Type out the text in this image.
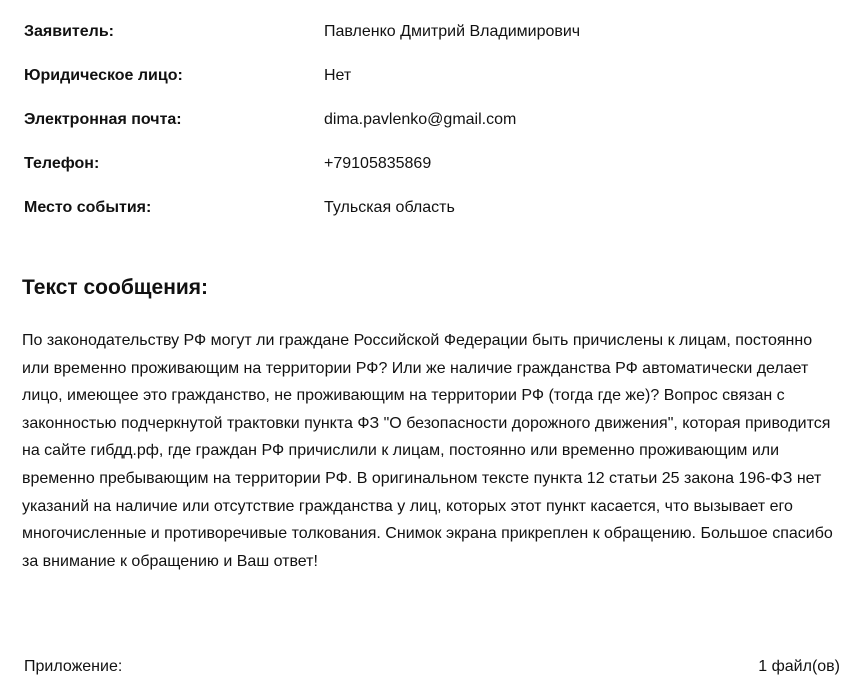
Заявитель:	Павленко Дмитрий Владимирович
Юридическое лицо:	Нет
Электронная почта:	dima.pavlenko@gmail.com
Телефон:	+79105835869
Место события:	Тульская область
Текст сообщения:

По законодательству РФ могут ли граждане Российской Федерации быть причислены к лицам, постоянно или временно проживающим на территории РФ? Или же наличие гражданства РФ автоматически делает лицо, имеющее это гражданство, не проживающим на территории РФ (тогда где же)? Вопрос связан с законностью подчеркнутой трактовки пункта ФЗ "О безопасности дорожного движения", которая приводится на сайте гибдд.рф, где граждан РФ причислили к лицам, постоянно или временно проживающим или временно пребывающим на территории РФ. В оригинальном тексте пункта 12 статьи 25 закона 196-ФЗ нет указаний на наличие или отсутствие гражданства у лиц, которых этот пункт касается, что вызывает его многочисленные и противоречивые толкования. Снимок экрана прикреплен к обращению. Большое спасибо за внимание к обращению и Ваш ответ!

Приложение:	1 файл(ов)
